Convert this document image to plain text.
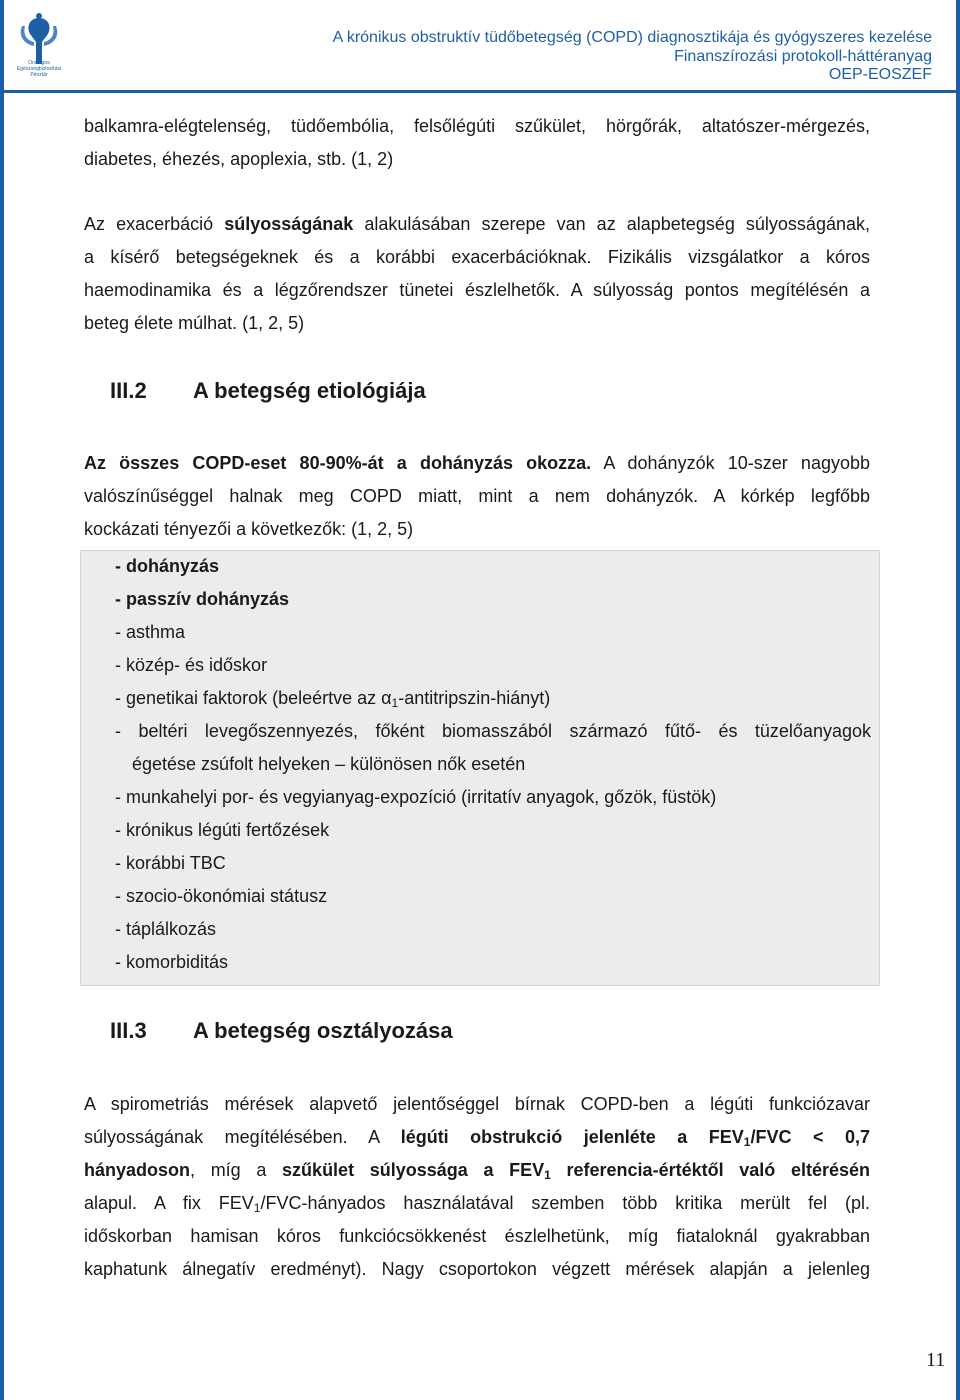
Országos Egészségbiztosítási Pénztár
A krónikus obstruktív tüdőbetegség (COPD) diagnosztikája és gyógyszeres kezelése
Finanszírozási protokoll-háttéranyag
OEP-EOSZEF
balkamra-elégtelenség, tüdőembólia, felsőlégúti szűkület, hörgőrák, altatószer-mérgezés,
diabetes, éhezés, apoplexia, stb. (1, 2)
Az exacerbáció súlyosságának alakulásában szerepe van az alapbetegség súlyosságának,
a kísérő betegségeknek és a korábbi exacerbációknak. Fizikális vizsgálatkor a kóros
haemodinamika és a légzőrendszer tünetei észlelhetők. A súlyosság pontos megítélésén a
beteg élete múlhat. (1, 2, 5)
III.2 A betegség etiológiája
Az összes COPD-eset 80-90%-át a dohányzás okozza. A dohányzók 10-szer nagyobb
valószínűséggel halnak meg COPD miatt, mint a nem dohányzók. A kórkép legfőbb
kockázati tényezői a következők: (1, 2, 5)
- dohányzás
- passzív dohányzás
- asthma
- közép- és időskor
- genetikai faktorok (beleértve az $\alpha_1-antitripszin-hiányt$)
- beltéri levegőszennyezés, főként biomasszából származó fűtő- és tüzelőanyagok
égetése zsúfolt helyeken – különösen nők esetén
- munkahelyi por- és vegyianyag-expozíció (irritatív anyagok, gőzök, füstök)
- krónikus légúti fertőzések
- korábbi TBC
- szocio-ökonómiai státusz
- táplálkozás
- komorbiditás
III.3 A betegség osztályozása
A spirometriás mérések alapvető jelentőséggel bírnak COPD-ben a légúti funkciózavar
súlyosságának megítélésében. A légúti obstrukció jelenléte a $FEV_1$/FVC < 0,7
hányadoson, míg a szűkület súlyossága a $FEV_1$ referencia-értéktől való eltérésén
alapul. A fix $FEV_1/FVC$-hányados használatával szemben több kritika merült fel (pl.
időskorban hamisan kóros funkciócsökkenést észlelhetünk, míg fiataloknál gyakrabban
kaphatunk álnegatív eredményt). Nagy csoportokon végzett mérések alapján a jelenleg
11
